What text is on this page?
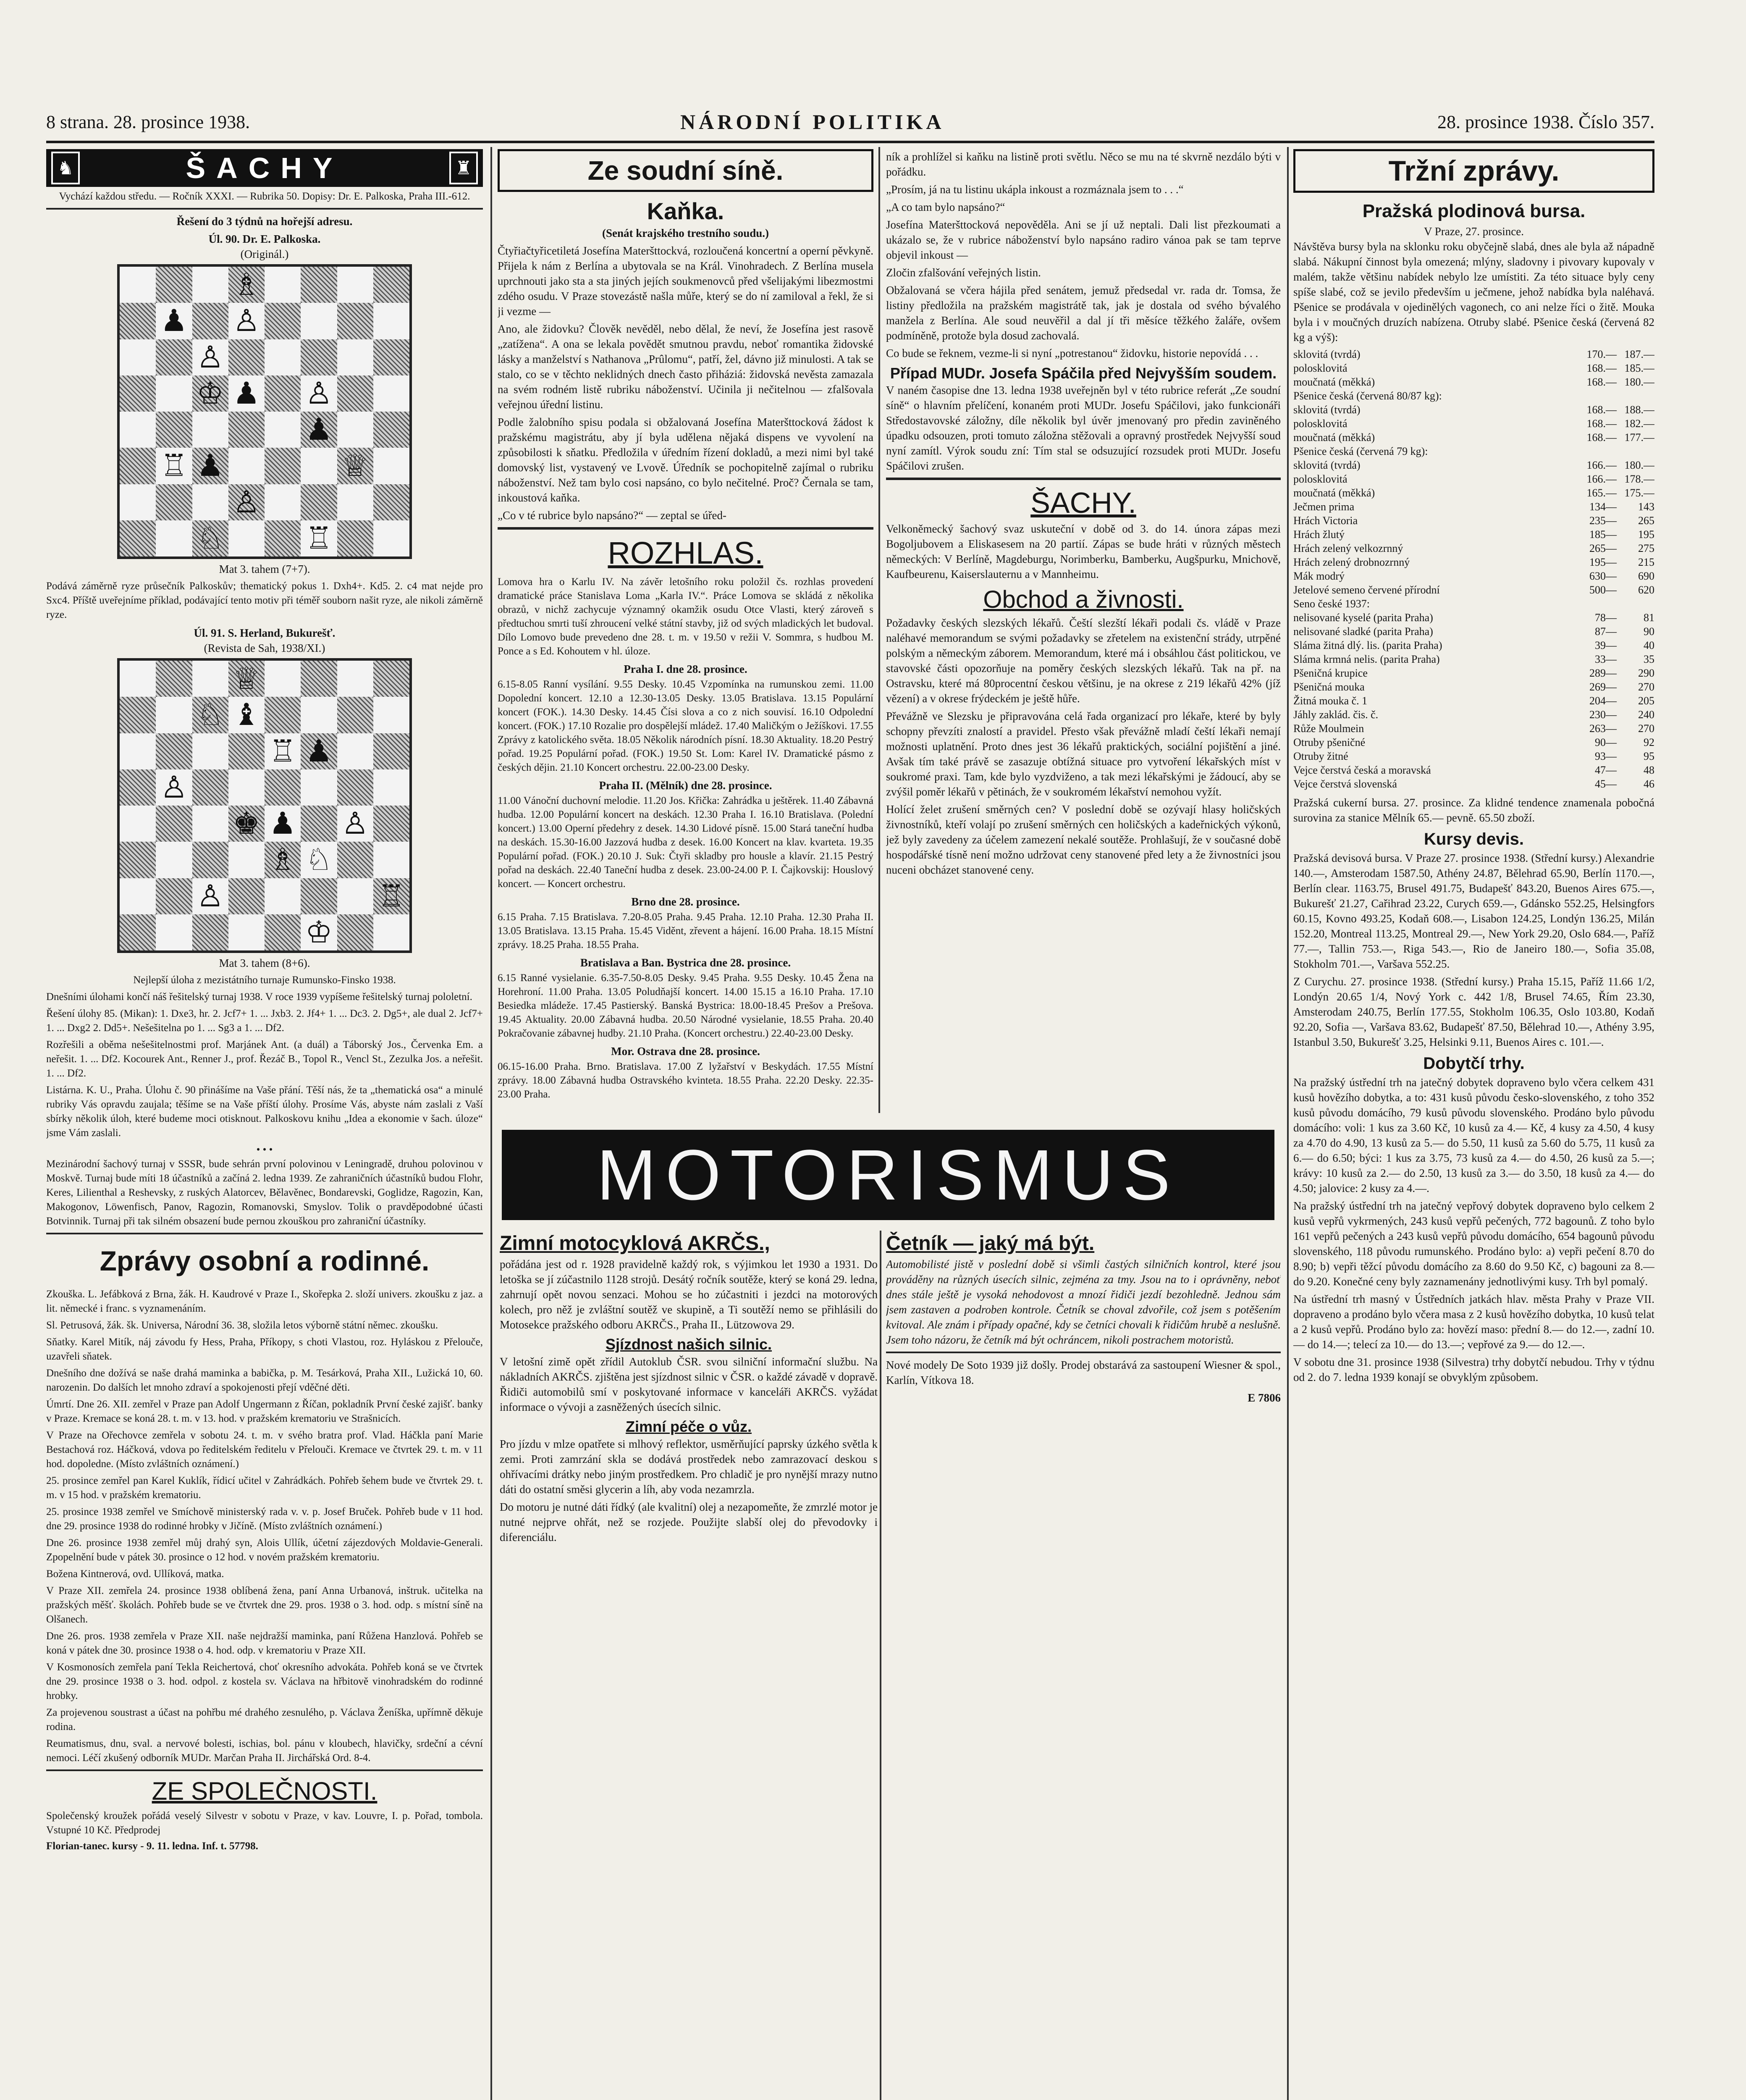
8 strana. 28. prosince 1938.	NÁRODNÍ POLITIKA	28. prosince 1938. Číslo 357.
♞	ŠACHY	♜

Vychází každou středu. — Ročník XXXI. — Rubrika 50. Dopisy: Dr. E. Palkoska, Praha III.-612.

Řešení do 3 týdnů na hořejší adresu.

Úl. 90. Dr. E. Palkoska.

(Originál.)

♗
♙
♟
♙
♔ ♟ ♙
♟
♖ ♟	♕
♙
♘	♖

Mat 3. tahem (7+7).

Podává záměrně ryze průsečník Palkoskův; thematický pokus 1. Dxh4+. Kd5. 2. c4 mat nejde pro Sxc4. Příště uveřejníme příklad, podávající tento motiv při téměř souborn našit ryze, ale nikoli záměrně ryze.

Úl. 91. S. Herland, Bukurešť.

(Revista de Sah, 1938/XI.)

♕
♘ ♝
♖ ♟
♙
♚ ♟ ♙
♘
♗
♙
♔
♖

Mat 3. tahem (8+6).

Nejlepší úloha z mezistátního turnaje Rumunsko-Finsko 1938.

Dnešními úlohami končí náš řešitelský turnaj 1938. V roce 1939 vypíšeme řešitelský turnaj pololetní.

Řešení úlohy 85. (Mikan): 1. Dxe3, hr. 2. Jcf7+ 1. ... Jxb3. 2. Jf4+ 1. ... Dc3. 2. Dg5+, ale dual 2. Jcf7+ 1. ... Dxg2 2. Dd5+. Nešešitelna po 1. ... Sg3 a 1. ... Df2.

Rozřešili a oběma nešešitelnostmi prof. Marjánek Ant. (a duál) a Táborský Jos., Červenka Em. a neřešit. 1. ... Df2. Kocourek Ant., Renner J., prof. Řezáč B., Topol R., Vencl St., Zezulka Jos. a neřešit. 1. ... Df2.

Listárna. K. U., Praha. Úlohu č. 90 přinášíme na Vaše přání. Těší nás, že ta „thematická osa“ a minulé rubriky Vás opravdu zaujala; těšíme se na Vaše příští úlohy. Prosíme Vás, abyste nám zaslali z Vaší sbírky několik úloh, které budeme moci otisknout. Palkoskovu knihu „Idea a ekonomie v šach. úloze“ jsme Vám zaslali.

• • •

Mezinárodní šachový turnaj v SSSR, bude sehrán první polovinou v Leningradě, druhou polovinou v Moskvě. Turnaj bude míti 18 účastníků a začíná 2. ledna 1939. Ze zahraničních účastníků budou Flohr, Keres, Lilienthal a Reshevsky, z ruských Alatorcev, Bělavěnec, Bondarevski, Goglidze, Ragozin, Kan, Makogonov, Löwenfisch, Panov, Ragozin, Romanovski, Smyslov. Tolik o pravděpodobné účasti Botvinnik. Turnaj při tak silném obsazení bude pernou zkouškou pro zahraniční účastníky.

Zprávy osobní a rodinné.

Zkouška. L. Jefábková z Brna, žák. H. Kaudrové v Praze I., Skořepka 2. složí univers. zkoušku z jaz. a lit. německé i franc. s vyznamenáním.

Sl. Petrusová, žák. šk. Universa, Národní 36. 38, složila letos výborně státní němec. zkoušku.

Sňatky. Karel Mitík, náj závodu fy Hess, Praha, Příkopy, s choti Vlastou, roz. Hyláskou z Přelouče, uzavřeli sňatek.

Dnešního dne dožívá se naše drahá maminka a babička, p. M. Tesárková, Praha XII., Lužická 10, 60. narozenin. Do dalších let mnoho zdraví a spokojenosti přejí vděčné děti.

Úmrtí. Dne 26. XII. zemřel v Praze pan Adolf Ungermann z Říčan, pokladník První české zajišť. banky v Praze. Kremace se koná 28. t. m. v 13. hod. v pražském krematoriu ve Strašnicích.

V Praze na Ořechovce zemřela v sobotu 24. t. m. v svého bratra prof. Vlad. Háčkla paní Marie Bestachová roz. Háčková, vdova po ředitelském ředitelu v Přelouči. Kremace ve čtvrtek 29. t. m. v 11 hod. dopoledne. (Místo zvláštních oznámení.)

25. prosince zemřel pan Karel Kuklík, řídicí učitel v Zahrádkách. Pohřeb šehem bude ve čtvrtek 29. t. m. v 15 hod. v pražském krematoriu.

25. prosince 1938 zemřel ve Smíchově ministerský rada v. v. p. Josef Bruček. Pohřeb bude v 11 hod. dne 29. prosince 1938 do rodinné hrobky v Jičíně. (Místo zvláštních oznámení.)

Dne 26. prosince 1938 zemřel můj drahý syn, Alois Ullík, účetní zájezdových Moldavie-Generali. Zpopelnění bude v pátek 30. prosince o 12 hod. v novém pražském krematoriu.

Božena Kintnerová, ovd. Ullíková, matka.

V Praze XII. zemřela 24. prosince 1938 oblíbená žena, paní Anna Urbanová, inštruk. učitelka na pražských měšť. školách. Pohřeb bude se ve čtvrtek dne 29. pros. 1938 o 3. hod. odp. s místní síně na Olšanech.

Dne 26. pros. 1938 zemřela v Praze XII. naše nejdražší maminka, paní Růžena Hanzlová. Pohřeb se koná v pátek dne 30. prosince 1938 o 4. hod. odp. v krematoriu v Praze XII.

V Kosmonosích zemřela paní Tekla Reichertová, choť okresního advokáta. Pohřeb koná se ve čtvrtek dne 29. prosince 1938 o 3. hod. odpol. z kostela sv. Václava na hřbitově vinohradském do rodinné hrobky.

Za projevenou soustrast a účast na pohřbu mé drahého zesnulého, p. Václava Ženíška, upřímně děkuje rodina.

Reumatismus, dnu, sval. a nervové bolesti, ischias, bol. pánu v kloubech, hlavičky, srdeční a cévní nemoci. Léčí zkušený odborník MUDr. Marčan Praha II. Jirchářská Ord. 8-4.

ZE SPOLEČNOSTI.

Společenský kroužek pořádá veselý Silvestr v sobotu v Praze, v kav. Louvre, I. p. Pořad, tombola. Vstupné 10 Kč. Předprodej

Florian-tanec. kursy - 9. 11. ledna. Inf. t. 57798.

Ze soudní síně.
Kaňka.

(Senát krajského trestního soudu.)

Čtyřiačtyřicetiletá Josefína Materšttockvá, rozloučená koncertní a operní pěvkyně. Přijela k nám z Berlína a ubytovala se na Král. Vinohradech. Z Berlína musela uprchnouti jako sta a sta jiných jejích soukmenovců před všelijakými libezmostmi zdého osudu. V Praze stovezástě našla můře, který se do ní zamiloval a řekl, že si ji vezme —

Ano, ale židovku? Člověk nevěděl, nebo dělal, že neví, že Josefína jest rasově „zatížena“. A ona se lekala povědět smutnou pravdu, neboť romantika židovské lásky a manželství s Nathanova „Prûlomu“, patří, žel, dávno již minulosti. A tak se stalo, co se v těchto neklidných dnech často přiháziá: židovská nevěsta zamazala na svém rodném listě rubriku náboženství. Učinila ji nečitelnou — zfalšovala veřejnou úřední listinu.

Podle žalobního spisu podala si obžalovaná Josefína Materšttocková žádost k pražskému magistrátu, aby jí byla udělena nějaká dispens ve vyvolení na způsobilosti k sňatku. Předložila v úředním řízení dokladů, a mezi nimi byl také domovský list, vystavený ve Lvově. Úředník se pochopitelně zajímal o rubriku náboženství. Než tam bylo cosi napsáno, co bylo nečitelné. Proč? Černala se tam, inkoustová kaňka.

„Co v té rubrice bylo napsáno?“ — zeptal se úřed-

ROZHLAS.

Lomova hra o Karlu IV. Na závěr letošního roku položil čs. rozhlas provedení dramatické práce Stanislava Loma „Karla IV.“. Práce Lomova se skládá z několika obrazů, v nichž zachycuje významný okamžik osudu Otce Vlasti, který zároveň s předtuchou smrti tuší zhroucení velké státní stavby, již od svých mladických let budoval. Dílo Lomovo bude prevedeno dne 28. t. m. v 19.50 v režii V. Sommra, s hudbou M. Ponce a s Ed. Kohoutem v hl. úloze.

Praha I. dne 28. prosince.

6.15-8.05 Ranní vysílání. 9.55 Desky. 10.45 Vzpomínka na rumunskou zemi. 11.00 Dopolední koncert. 12.10 a 12.30-13.05 Desky. 13.05 Bratislava. 13.15 Populární koncert (FOK.). 14.30 Desky. 14.45 Čísi slova a co z nich souvisí. 16.10 Odpolední koncert. (FOK.) 17.10 Rozalie pro dospělejší mládež. 17.40 Maličkým o Ježíškovi. 17.55 Zprávy z katolického světa. 18.05 Několik národních písní. 18.30 Aktuality. 18.20 Pestrý pořad. 19.25 Populární pořad. (FOK.) 19.50 St. Lom: Karel IV. Dramatické pásmo z českých dějin. 21.10 Koncert orchestru. 22.00-23.00 Desky.

Praha II. (Mělník) dne 28. prosince.

11.00 Vánoční duchovní melodie. 11.20 Jos. Křička: Zahrádka u ještěrek. 11.40 Zábavná hudba. 12.00 Populární koncert na deskách. 12.30 Praha I. 16.10 Bratislava. (Polední koncert.) 13.00 Operní předehry z desek. 14.30 Lidové písně. 15.00 Stará taneční hudba na deskách. 15.30-16.00 Jazzová hudba z desek. 16.00 Koncert na klav. kvarteta. 19.35 Populární pořad. (FOK.) 20.10 J. Suk: Čtyři skladby pro housle a klavír. 21.15 Pestrý pořad na deskách. 22.40 Taneční hudba z desek. 23.00-24.00 P. I. Čajkovskij: Houslový koncert. — Koncert orchestru.

Brno dne 28. prosince.

6.15 Praha. 7.15 Bratislava. 7.20-8.05 Praha. 9.45 Praha. 12.10 Praha. 12.30 Praha II. 13.05 Bratislava. 13.15 Praha. 15.45 Viděnt, zřevent a hájení. 16.00 Praha. 18.15 Místní zprávy. 18.25 Praha. 18.55 Praha.

Bratislava a Ban. Bystrica dne 28. prosince.

6.15 Ranné vysielanie. 6.35-7.50-8.05 Desky. 9.45 Praha. 9.55 Desky. 10.45 Žena na Horehroní. 11.00 Praha. 13.05 Poludňajší koncert. 14.00 15.15 a 16.10 Praha. 17.10 Besiedka mládeže. 17.45 Pastierský. Banská Bystrica: 18.00-18.45 Prešov a Prešova. 19.45 Aktuality. 20.00 Zábavná hudba. 20.50 Národné vysielanie, 18.55 Praha. 20.40 Pokračovanie zábavnej hudby. 21.10 Praha. (Koncert orchestru.) 22.40-23.00 Desky.

Mor. Ostrava dne 28. prosince.

06.15-16.00 Praha. Brno. Bratislava. 17.00 Z lyžařství v Beskydách. 17.55 Místní zprávy. 18.00 Zábavná hudba Ostravského kvinteta. 18.55 Praha. 22.20 Desky. 22.35-23.00 Praha.

ník a prohlížel si kaňku na listině proti světlu. Něco se mu na té skvrně nezdálo býti v pořádku.

„Prosím, já na tu listinu ukápla inkoust a rozmáznala jsem to . . .“

„A co tam bylo napsáno?“

Josefína Materšttocková nepověděla. Ani se jí už neptali. Dali list přezkoumati a ukázalo se, že v rubrice náboženství bylo napsáno radiro vánoa pak se tam teprve objevil inkoust —

Zločin zfalšování veřejných listin.

Obžalovaná se včera hájila před senátem, jemuž předsedal vr. rada dr. Tomsa, že listiny předložila na pražském magistrátě tak, jak je dostala od svého bývalého manžela z Berlína. Ale soud neuvěřil a dal jí tři měsíce těžkého žaláře, ovšem podmíněně, protože byla dosud zachovalá.

Co bude se řeknem, vezme-li si nyní „potrestanou“ židovku, historie nepovídá . . .

Případ MUDr. Josefa Spáčila před Nejvyšším soudem.

V naném časopise dne 13. ledna 1938 uveřejněn byl v této rubrice referát „Ze soudní síně“ o hlavním přelíčení, konaném proti MUDr. Josefu Spáčilovi, jako funkcionáři Středostavovské záložny, díle několik byl úvěr jmenovaný pro předin zaviněného úpadku odsouzen, proti tomuto záložna stěžovali a opravný prostředek Nejvyšší soud nyní zamítl. Výrok soudu zní: Tím stal se odsuzující rozsudek proti MUDr. Josefu Spáčilovi zrušen.

ŠACHY.

Velkoněmecký šachový svaz uskuteční v době od 3. do 14. února zápas mezi Bogoljubovem a Eliskasesem na 20 partií. Zápas se bude hráti v různých městech německých: V Berlíně, Magdeburgu, Norimberku, Bamberku, Augšpurku, Mnichově, Kaufbeurenu, Kaiserslauternu a v Mannheimu.

Obchod a živnosti.

Požadavky českých slezských lékařů. Čeští slezští lékaři podali čs. vládě v Praze naléhavé memorandum se svými požadavky se zřetelem na existenční strády, utrpěné polským a německým záborem. Memorandum, které má i obsáhlou část politickou, ve stavovské části opozorňuje na poměry českých slezských lékařů. Tak na př. na Ostravsku, které má 80procentní českou většinu, je na okrese z 219 lékařů 42% (jíž vězení) a v okrese frýdeckém je ještě hůře.

Převážně ve Slezsku je připravována celá řada organizací pro lékaře, které by byly schopny převzíti znalostí a pravidel. Přesto však převážně mladí čeští lékaři nemají možnosti uplatnění. Proto dnes jest 36 lékařů praktických, sociální pojištění a jiné. Avšak tím také právě se zasazuje obtížná situace pro vytvoření lékařských míst v soukromé praxi. Tam, kde bylo vyzdviženo, a tak mezi lékařskými je žádoucí, aby se zvýšil poměr lékařů v pětinách, že v soukromém lékařství nemohou vyžít.

Holící želet zrušení směrných cen? V poslední době se ozývají hlasy holičských živnostníků, kteří volají po zrušení směrných cen holičských a kadeřnických výkonů, jež byly zavedeny za účelem zamezení nekalé soutěže. Prohlašují, že v současné době hospodářské tísně není možno udržovat ceny stanovené před lety a že živnostníci jsou nuceni obcházet stanovené ceny.

MOTORISMUS
Zimní motocyklová AKRČS.,

pořádána jest od r. 1928 pravidelně každý rok, s výjimkou let 1930 a 1931. Do letoška se jí zúčastnilo 1128 strojů. Desátý ročník soutěže, který se koná 29. ledna, zahrnují opět novou senzaci. Mohou se ho zúčastniti i jezdci na motorových kolech, pro něž je zvláštní soutěž ve skupině, a Ti soutěží nemo se přihlásili do Motosekce pražského odboru AKRČS., Praha II., Lützowova 29.

Sjízdnost našich silnic.

V letošní zimě opět zřídil Autoklub ČSR. svou silniční informační službu. Na nákladních AKRČS. zjištěna jest sjízdnost silnic v ČSR. o každé závadě v dopravě. Řidiči automobilů smí v poskytované informace v kanceláři AKRČS. vyžádat informace o vývoji a zasněžených úsecích silnic.

Zimní péče o vůz.

Pro jízdu v mlze opatřete si mlhový reflektor, usměrňující paprsky úzkého světla k zemi. Proti zamrzání skla se dodává prostředek nebo zamrazovací deskou s ohřívacími drátky nebo jiným prostředkem. Pro chladič je pro nynější mrazy nutno dáti do ostatní směsi glycerin a líh, aby voda nezamrzla.

Do motoru je nutné dáti řídký (ale kvalitní) olej a nezapomeňte, že zmrzlé motor je nutné nejprve ohřát, než se rozjede. Použijte slabší olej do převodovky i diferenciálu.

Četník — jaký má být.

Automobilisté jistě v poslední době si všimli častých silničních kontrol, které jsou prováděny na různých úsecích silnic, zejména za tmy. Jsou na to i oprávněny, neboť dnes stále ještě je vysoká nehodovost a mnozí řidiči jezdí bezohledně. Jednou sám jsem zastaven a podroben kontrole. Četník se choval zdvořile, což jsem s potěšením kvitoval. Ale znám i případy opačné, kdy se četníci chovali k řidičům hrubě a neslušně. Jsem toho názoru, že četník má být ochráncem, nikoli postrachem motoristů.

Nové modely De Soto 1939 již došly. Prodej obstarává za sastoupení Wiesner & spol., Karlín, Vítkova 18.

E 7806

Tržní zprávy.
Pražská plodinová bursa.

V Praze, 27. prosince.

Návštěva bursy byla na sklonku roku obyčejně slabá, dnes ale byla až nápadně slabá. Nákupní činnost byla omezená; mlýny, sladovny i pivovary kupovaly v malém, takže většinu nabídek nebylo lze umístiti. Za této situace byly ceny spíše slabé, což se jevilo především u ječmene, jehož nabídka byla naléhavá. Pšenice se prodávala v ojedinělých vagonech, co ani nelze říci o žitě. Mouka byla i v moučných druzích nabízena. Otruby slabé. Pšenice česká (červená 82 kg a výš):

sklovitá (tvrdá)	170.— 187.—
polosklovitá	168.— 185.—
moučnatá (měkká)	168.— 180.—
Pšenice česká (červená 80/87 kg):
sklovitá (tvrdá)	168.— 188.—
polosklovitá	168.— 182.—
moučnatá (měkká)	168.— 177.—
Pšenice česká (červená 79 kg):
sklovitá (tvrdá)	166.— 180.—
polosklovitá	166.— 178.—
moučnatá (měkká)	165.— 175.—
Ječmen prima	134—	143
Hrách Victoria	235—	265
Hrách žlutý	185—	195
Hrách zelený velkozrnný	265—	275
Hrách zelený drobnozrnný	195—	215
Mák modrý	630—	690
Jetelové semeno červené přírodní	500—	620
Seno české 1937:
nelisované kyselé (parita Praha)	78—	81
nelisované sladké (parita Praha)	87—	90
Sláma žitná dlý. lis. (parita Praha)	39—	40
Sláma krmná nelis. (parita Praha)	33—	35
Pšeničná krupice	289—	290
Pšeničná mouka	269—	270
Žitná mouka č. 1	204—	205
Jáhly zaklád. čis. č.	230—	240
Růže Moulmein	263—	270
Otruby pšeničné	90—	92
Otruby žitné	93—	95
Vejce čerstvá česká a moravská	47—	48
Vejce čerstvá slovenská	45—	46

Pražská cukerní bursa. 27. prosince. Za klidné tendence znamenala pobočná surovina za stanice Mělník 65.— pevně. 65.50 zboží.

Kursy devis.

Pražská devisová bursa. V Praze 27. prosince 1938. (Střední kursy.) Alexandrie 140.—, Amsterodam 1587.50, Athény 24.87, Bělehrad 65.90, Berlín 1170.—, Berlín clear. 1163.75, Brusel 491.75, Budapešť 843.20, Buenos Aires 675.—, Bukurešť 21.27, Cařihrad 23.22, Curych 659.—, Gdánsko 552.25, Helsingfors 60.15, Kovno 493.25, Kodaň 608.—, Lisabon 124.25, Londýn 136.25, Milán 152.20, Montreal 113.25, Montreal 29.—, New York 29.20, Oslo 684.—, Paříž 77.—, Tallin 753.—, Riga 543.—, Rio de Janeiro 180.—, Sofia 35.08, Stokholm 701.—, Varšava 552.25.

Z Curychu. 27. prosince 1938. (Střední kursy.) Praha 15.15, Paříž 11.66 1/2, Londýn 20.65 1/4, Nový York c. 442 1/8, Brusel 74.65, Řím 23.30, Amsterodam 240.75, Berlín 177.55, Stokholm 106.35, Oslo 103.80, Kodaň 92.20, Sofia —, Varšava 83.62, Budapešť 87.50, Bělehrad 10.—, Athény 3.95, Istanbul 3.50, Bukurešť 3.25, Helsinki 9.11, Buenos Aires c. 101.—.

Dobytčí trhy.

Na pražský ústřední trh na jatečný dobytek dopraveno bylo včera celkem 431 kusů hovězího dobytka, a to: 431 kusů původu česko-slovenského, z toho 352 kusů původu domácího, 79 kusů původu slovenského. Prodáno bylo původu domácího: voli: 1 kus za 3.60 Kč, 10 kusů za 4.— Kč, 4 kusy za 4.50, 4 kusy za 4.70 do 4.90, 13 kusů za 5.— do 5.50, 11 kusů za 5.60 do 5.75, 11 kusů za 6.— do 6.50; býci: 1 kus za 3.75, 73 kusů za 4.— do 4.50, 26 kusů za 5.—; krávy: 10 kusů za 2.— do 2.50, 13 kusů za 3.— do 3.50, 18 kusů za 4.— do 4.50; jalovice: 2 kusy za 4.—.

Na pražský ústřední trh na jatečný vepřový dobytek dopraveno bylo celkem 2 kusů vepřů vykrmených, 243 kusů vepřů pečených, 772 bagounů. Z toho bylo 161 vepřů pečených a 243 kusů vepřů původu domácího, 654 bagounů původu slovenského, 118 původu rumunského. Prodáno bylo: a) vepři pečení 8.70 do 8.90; b) vepři těžcí původu domácího za 8.60 do 9.50 Kč, c) bagouni za 8.— do 9.20. Konečné ceny byly zaznamenány jednotlivými kusy. Trh byl pomalý.

Na ústřední trh masný v Ústředních jatkách hlav. města Prahy v Praze VII. dopraveno a prodáno bylo včera masa z 2 kusů hovězího dobytka, 10 kusů telat a 2 kusů vepřů. Prodáno bylo za: hovězí maso: přední 8.— do 12.—, zadní 10.— do 14.—; telecí za 10.— do 13.—; vepřové za 9.— do 12.—.

V sobotu dne 31. prosince 1938 (Silvestra) trhy dobytčí nebudou. Trhy v týdnu od 2. do 7. ledna 1939 konají se obvyklým způsobem.
